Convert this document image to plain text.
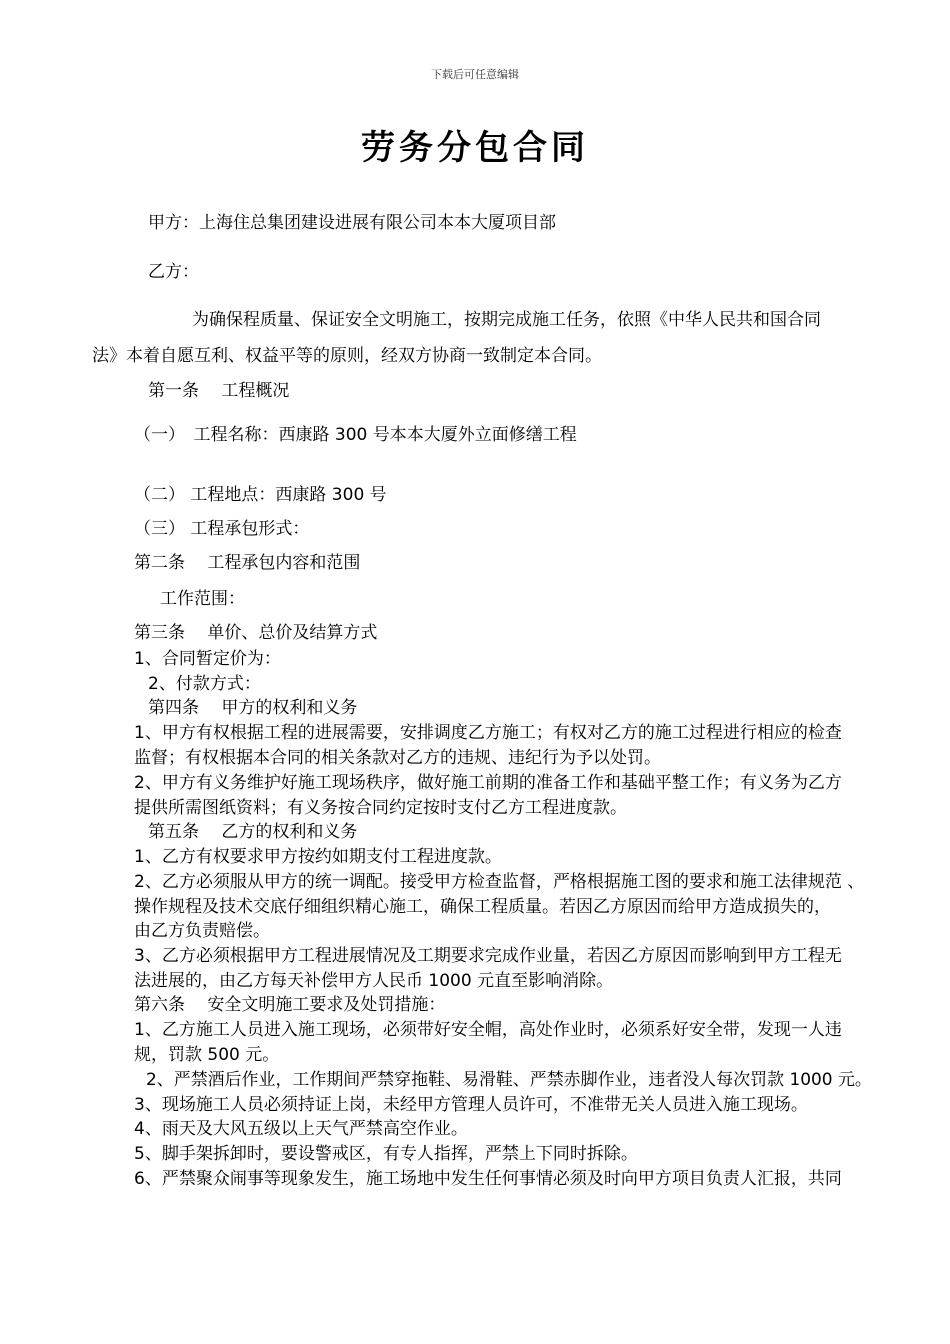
下载后可任意编辑
劳务分包合同
甲方：上海住总集团建设进展有限公司本本大厦项目部
乙方：
为确保程质量、保证安全文明施工，按期完成施工任务，依照《中华人民共和国合同
法》本着自愿互利、权益平等的原则，经双方协商一致制定本合同。
第一条　 工程概况
（一）　工程名称：西康路 300 号本本大厦外立面修缮工程
（二） 工程地点：西康路 300 号
（三） 工程承包形式：
第二条　 工程承包内容和范围
工作范围：
第三条　 单价、总价及结算方式
1、合同暂定价为：
2、付款方式：
第四条　 甲方的权利和义务
1、甲方有权根据工程的进展需要，安排调度乙方施工；有权对乙方的施工过程进行相应的检查
监督；有权根据本合同的相关条款对乙方的违规、违纪行为予以处罚。
2、甲方有义务维护好施工现场秩序，做好施工前期的准备工作和基础平整工作；有义务为乙方
提供所需图纸资料；有义务按合同约定按时支付乙方工程进度款。
第五条　 乙方的权利和义务
1、乙方有权要求甲方按约如期支付工程进度款。
2、乙方必须服从甲方的统一调配。接受甲方检查监督，严格根据施工图的要求和施工法律规范 、
操作规程及技术交底仔细组织精心施工，确保工程质量。若因乙方原因而给甲方造成损失的，
由乙方负责赔偿。
3、乙方必须根据甲方工程进展情况及工期要求完成作业量，若因乙方原因而影响到甲方工程无
法进展的，由乙方每天补偿甲方人民币 1000 元直至影响消除。
第六条　 安全文明施工要求及处罚措施：
1、乙方施工人员进入施工现场，必须带好安全帽，高处作业时，必须系好安全带，发现一人违
规，罚款 500 元。
2、严禁酒后作业，工作期间严禁穿拖鞋、易滑鞋、严禁赤脚作业，违者没人每次罚款 1000 元。
3、现场施工人员必须持证上岗，未经甲方管理人员许可，不准带无关人员进入施工现场。
4、雨天及大风五级以上天气严禁高空作业。
5、脚手架拆卸时，要设警戒区，有专人指挥，严禁上下同时拆除。
6、严禁聚众闹事等现象发生，施工场地中发生任何事情必须及时向甲方项目负责人汇报，共同
